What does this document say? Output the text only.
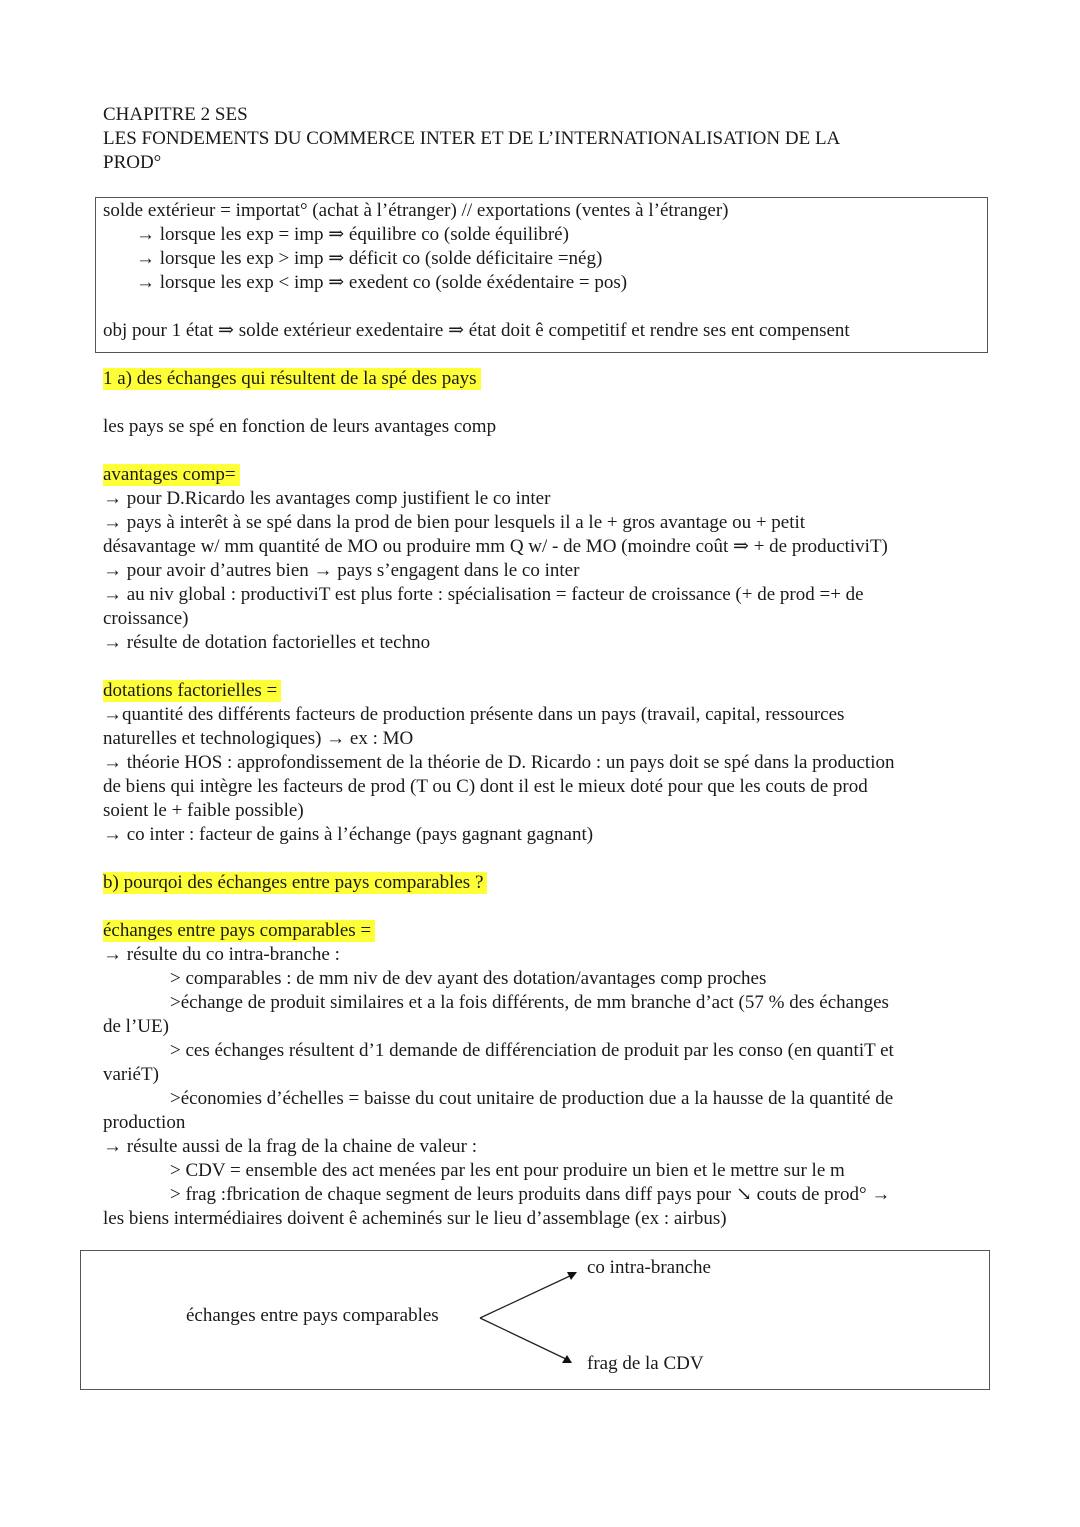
CHAPITRE 2 SES
LES FONDEMENTS DU COMMERCE INTER ET DE L’INTERNATIONALISATION DE LA
PROD°
solde extérieur = importat° (achat à l’étranger) // exportations (ventes à l’étranger)
→ lorsque les exp = imp ⇒ équilibre co (solde équilibré)
→ lorsque les exp > imp ⇒ déficit co (solde déficitaire =nég)
→ lorsque les exp < imp ⇒ exedent co (solde éxédentaire = pos)
obj pour 1 état ⇒ solde extérieur exedentaire ⇒ état doit ê competitif et rendre ses ent compensent
1 a) des échanges qui résultent de la spé des pays
les pays se spé en fonction de leurs avantages comp
avantages comp=
→ pour D.Ricardo les avantages comp justifient le co inter
→ pays à interêt à se spé dans la prod de bien pour lesquels il a le + gros avantage ou + petit
désavantage w/ mm quantité de MO ou produire mm Q w/ - de MO (moindre coût ⇒ + de productiviT)
→ pour avoir d’autres bien → pays s’engagent dans le co inter
→ au niv global : productiviT est plus forte : spécialisation = facteur de croissance (+ de prod =+ de
croissance)
→ résulte de dotation factorielles et techno
dotations factorielles =
→quantité des différents facteurs de production présente dans un pays (travail, capital, ressources
naturelles et technologiques) → ex : MO
→ théorie HOS : approfondissement de la théorie de D. Ricardo : un pays doit se spé dans la production
de biens qui intègre les facteurs de prod (T ou C) dont il est le mieux doté pour que les couts de prod
soient le + faible possible)
→ co inter : facteur de gains à l’échange (pays gagnant gagnant)
b) pourqoi des échanges entre pays comparables ?
échanges entre pays comparables =
→ résulte du co intra-branche :
> comparables : de mm niv de dev ayant des dotation/avantages comp proches
>échange de produit similaires et a la fois différents, de mm branche d’act (57 % des échanges
de l’UE)
> ces échanges résultent d’1 demande de différenciation de produit par les conso (en quantiT et
variéT)
>économies d’échelles = baisse du cout unitaire de production due a la hausse de la quantité de
production
→ résulte aussi de la frag de la chaine de valeur :
> CDV = ensemble des act menées par les ent pour produire un bien et le mettre sur le m
> frag :fbrication de chaque segment de leurs produits dans diff pays pour ↘ couts de prod° →
les biens intermédiaires doivent ê acheminés sur le lieu d’assemblage (ex : airbus)
échanges entre pays comparables
co intra-branche
frag de la CDV
